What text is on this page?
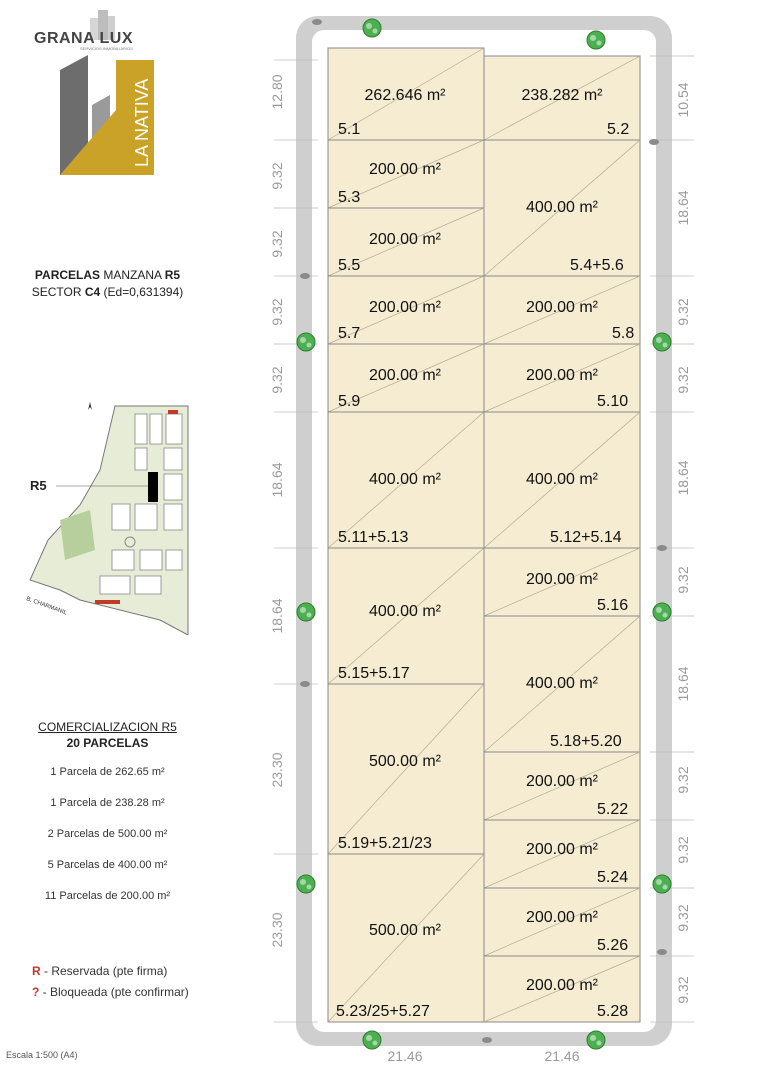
GRANA LUX
SERVICIOS INMOBILIARIOS
LA NATIVA
PARCELAS MANZANA R5
SECTOR C4 (Ed=0,631394)
B. CHARMANIL
R5
COMERCIALIZACION R5
20 PARCELAS
1 Parcela de 262.65 m²
1 Parcela de 238.28 m²
2 Parcelas de 500.00 m²
5 Parcelas de 400.00 m²
11 Parcelas de 200.00 m²
R - Reservada (pte firma)
? - Bloqueada (pte confirmar)
Escala 1:500 (A4)
262.646 m²
5.1
238.282 m²
5.2
200.00 m²
5.3
400.00 m²
5.4+5.6
200.00 m²
5.5
200.00 m²
5.7
200.00 m²
5.8
200.00 m²
5.9
200.00 m²
5.10
400.00 m²
5.11+5.13
400.00 m²
5.12+5.14
200.00 m²
5.16
400.00 m²
5.15+5.17
400.00 m²
5.18+5.20
500.00 m²
5.19+5.21/23
200.00 m²
5.22
200.00 m²
5.24
500.00 m²
5.23/25+5.27
200.00 m²
5.26
200.00 m²
5.28
12.80
9.32
9.32
9.32
9.32
18.64
18.64
23.30
23.30
10.54
18.64
9.32
9.32
18.64
9.32
18.64
9.32
9.32
9.32
9.32
21.46	21.46
